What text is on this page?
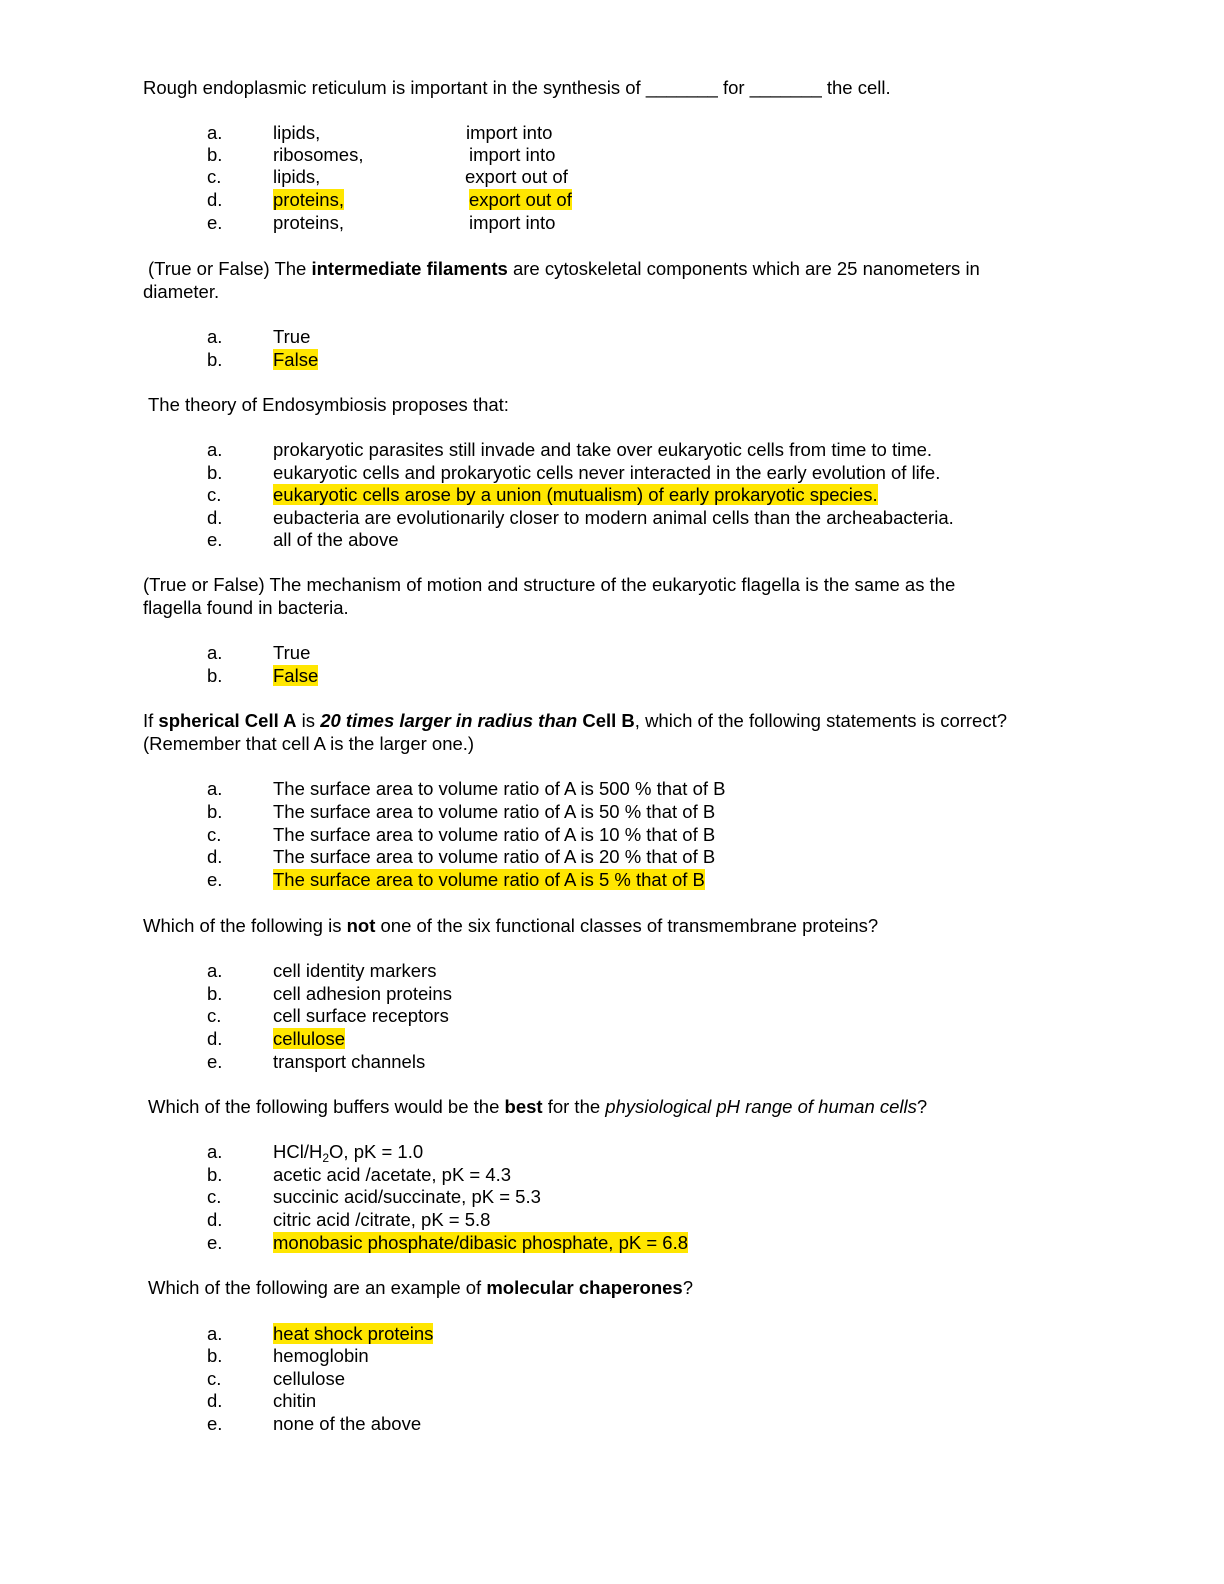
Rough endoplasmic reticulum is important in the synthesis of _______ for _______ the cell.
a.	lipids,	import into
b.	ribosomes,	import into
c.	lipids,	export out of
d.	proteins,	export out of
e.	proteins,	import into
(True or False) The intermediate filaments are cytoskeletal components which are 25 nanometers in
diameter.
a.	True
b.	False
The theory of Endosymbiosis proposes that:
a.	prokaryotic parasites still invade and take over eukaryotic cells from time to time.
b.	eukaryotic cells and prokaryotic cells never interacted in the early evolution of life.
c.	eukaryotic cells arose by a union (mutualism) of early prokaryotic species.
d.	eubacteria are evolutionarily closer to modern animal cells than the archeabacteria.
e.	all of the above
(True or False) The mechanism of motion and structure of the eukaryotic flagella is the same as the
flagella found in bacteria.
a.	True
b.	False
If spherical Cell A is 20 times larger in radius than Cell B, which of the following statements is correct?
(Remember that cell A is the larger one.)
a.	The surface area to volume ratio of A is 500 % that of B
b.	The surface area to volume ratio of A is 50 % that of B
c.	The surface area to volume ratio of A is 10 % that of B
d.	The surface area to volume ratio of A is 20 % that of B
e.	The surface area to volume ratio of A is 5 % that of B
Which of the following is not one of the six functional classes of transmembrane proteins?
a.	cell identity markers
b.	cell adhesion proteins
c.	cell surface receptors
d.	cellulose
e.	transport channels
Which of the following buffers would be the best for the physiological pH range of human cells?
a.	HCl/$H_2O$, pK = 1.0
b.	acetic acid /acetate, pK = 4.3
c.	succinic acid/succinate, pK = 5.3
d.	citric acid /citrate, pK = 5.8
e.	monobasic phosphate/dibasic phosphate, pK = 6.8
Which of the following are an example of molecular chaperones?
a.	heat shock proteins
b.	hemoglobin
c.	cellulose
d.	chitin
e.	none of the above
